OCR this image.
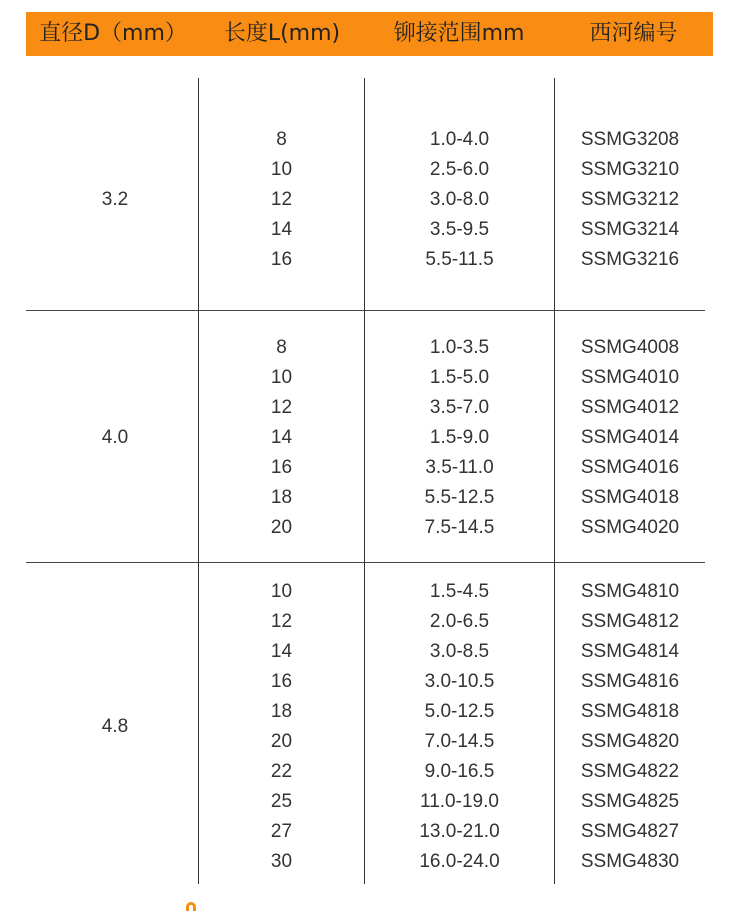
直径D（mm）	长度L(mm)	铆接范围mm	西河编号
3.2
8	1.0-4.0	SSMG3208
10	2.5-6.0	SSMG3210
12	3.0-8.0	SSMG3212
14	3.5-9.5	SSMG3214
16	5.5-11.5	SSMG3216
4.0
8	1.0-3.5	SSMG4008
10	1.5-5.0	SSMG4010
12	3.5-7.0	SSMG4012
14	1.5-9.0	SSMG4014
16	3.5-11.0	SSMG4016
18	5.5-12.5	SSMG4018
20	7.5-14.5	SSMG4020
4.8
10	1.5-4.5	SSMG4810
12	2.0-6.5	SSMG4812
14	3.0-8.5	SSMG4814
16	3.0-10.5	SSMG4816
18	5.0-12.5	SSMG4818
20	7.0-14.5	SSMG4820
22	9.0-16.5	SSMG4822
25	11.0-19.0	SSMG4825
27	13.0-21.0	SSMG4827
30	16.0-24.0	SSMG4830
